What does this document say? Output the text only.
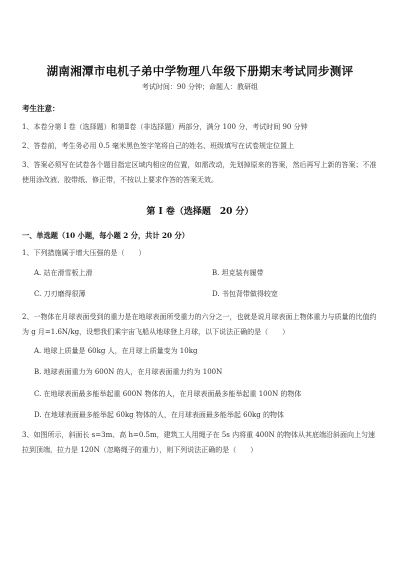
湖南湘潭市电机子弟中学物理八年级下册期末考试同步测评
考试时间：90 分钟；命题人：教研组
考生注意：
1、本卷分第 I 卷（选择题）和第Ⅱ卷（非选择题）两部分，满分 100 分，考试时间 90 分钟
2、答卷前，考生务必用 0.5 毫米黑色签字笔将自己的姓名、班级填写在试卷规定位置上
3、答案必须写在试卷各个题目指定区域内相应的位置，如需改动，先划掉原来的答案，然后再写上新的答案；不准使用涂改液、胶带纸、修正带，不按以上要求作答的答案无效。
第 I 卷（选择题　20 分）
一、单选题（10 小题，每小题 2 分，共计 20 分）
1、下列措施属于增大压强的是（　　）
A. 站在滑雪板上滑	B. 坦克装有履带
C. 刀刃磨得很薄	D. 书包背带做得较宽
2、一物体在月球表面受到的重力是在地球表面所受重力的六分之一，也就是说月球表面上物体重力与质量的比值约为 g 月=1.6N/kg，设想我们乘宇宙飞船从地球登上月球，以下说法正确的是（　　）
A. 地球上质量是 60kg 人，在月球上质量变为 10kg
B. 地球表面重力为 600N 的人，在月球表面重力约为 100N
C. 在地球表面最多能举起重 600N 物体的人，在月球表面最多能举起重 100N 的物体
D. 在地球表面最多能举起 60kg 物体的人，在月球表面最多能举起 60kg 的物体
3、如图所示，斜面长 s=3m、高 h=0.5m，建筑工人用绳子在 5s 内将重 400N 的物体从其底端沿斜面向上匀速拉到顶端，拉力是 120N（忽略绳子的重力），则下列说法正确的是（　　）
